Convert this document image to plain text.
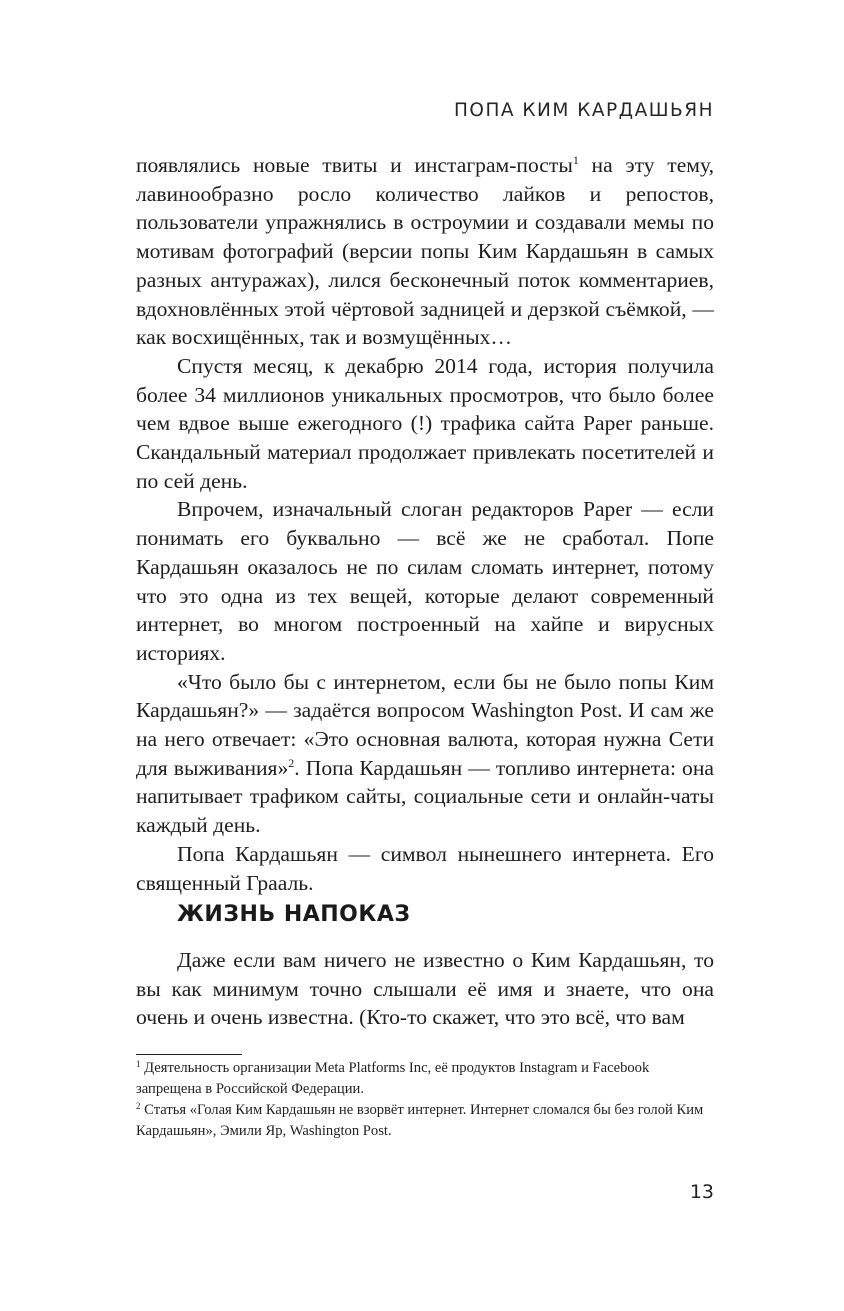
ПОПА КИМ КАРДАШЬЯН

появлялись новые твиты и инстаграм-посты$^1$ на эту тему, лавинообразно росло количество лайков и репостов, пользователи упражнялись в остроумии и создавали мемы по мотивам фотографий (версии попы Ким Кардашьян в самых разных антуражах), лился бесконечный поток комментариев, вдохновлённых этой чёртовой задницей и дерзкой съёмкой, — как восхищённых, так и возмущённых…

Спустя месяц, к декабрю 2014 года, история получила более 34 миллионов уникальных просмотров, что было более чем вдвое выше ежегодного (!) трафика сайта Paper раньше. Скандальный материал продолжает привлекать посетителей и по сей день.

Впрочем, изначальный слоган редакторов Paper — если понимать его буквально — всё же не сработал. Попе Кардашьян оказалось не по силам сломать интернет, потому что это одна из тех вещей, которые делают современный интернет, во многом построенный на хайпе и вирусных историях.

«Что было бы с интернетом, если бы не было попы Ким Кардашьян?» — задаётся вопросом Washington Post. И сам же на него отвечает: «Это основная валюта, которая нужна Сети для выживания»$^2$. Попа Кардашьян — топливо интернета: она напитывает трафиком сайты, социальные сети и онлайн-чаты каждый день.

Попа Кардашьян — символ нынешнего интернета. Его священный Грааль.

ЖИЗНЬ НАПОКАЗ

Даже если вам ничего не известно о Ким Кардашьян, то вы как минимум точно слышали её имя и знаете, что она очень и очень известна. (Кто-то скажет, что это всё, что вам

$^1$ Деятельность организации Meta Platforms Inc, её продуктов Instagram и Facebook запрещена в Российской Федерации.

$^2$ Статья «Голая Ким Кардашьян не взорвёт интернет. Интернет сломался бы без голой Ким Кардашьян», Эмили Яр, Washington Post.

13
